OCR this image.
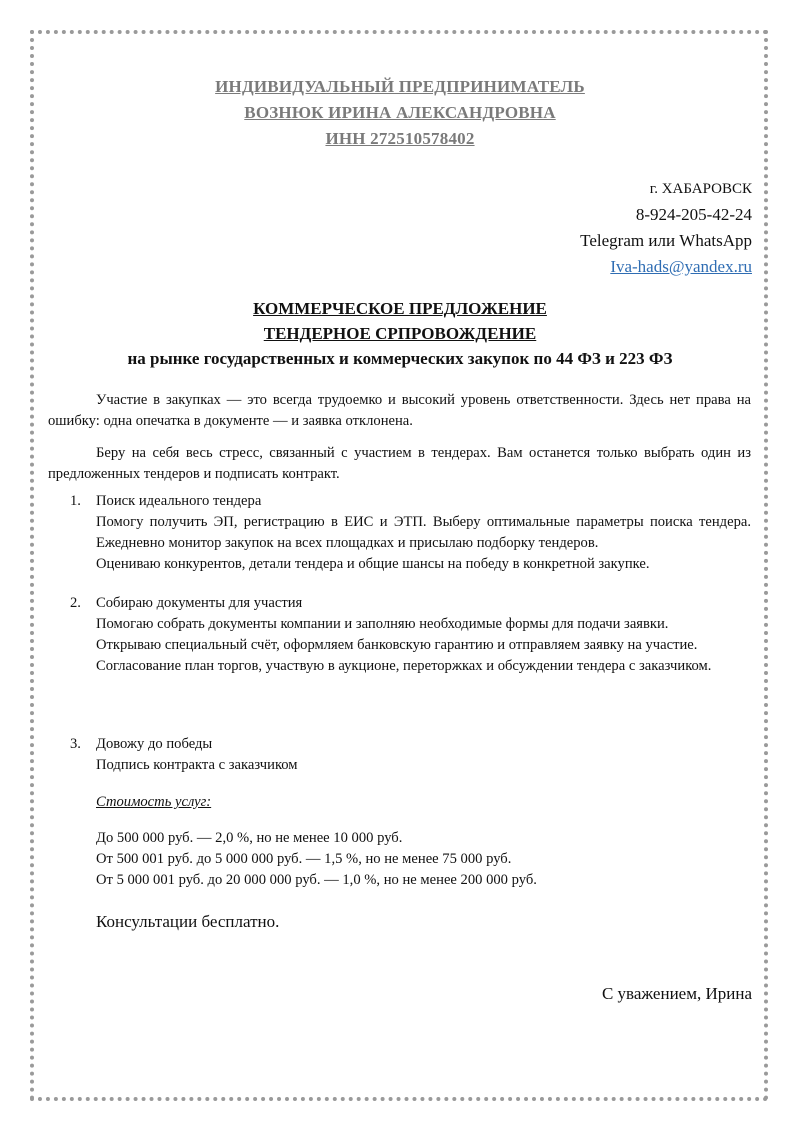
ИНДИВИДУАЛЬНЫЙ ПРЕДПРИНИМАТЕЛЬ
ВОЗНЮК ИРИНА АЛЕКСАНДРОВНА
ИНН 272510578402
г. ХАБАРОВСК
8-924-205-42-24
Telegram или WhatsApp
Iva-hads@yandex.ru
КОММЕРЧЕСКОЕ ПРЕДЛОЖЕНИЕ
ТЕНДЕРНОЕ СРПРОВОЖДЕНИЕ
на рынке государственных и коммерческих закупок по 44 ФЗ и 223 ФЗ

Участие в закупках — это всегда трудоемко и высокий уровень ответственности. Здесь нет права на ошибку: одна опечатка в документе — и заявка отклонена.

Беру на себя весь стресс, связанный с участием в тендерах. Вам останется только выбрать один из предложенных тендеров и подписать контракт.

1. Поиск идеального тендера
Помогу получить ЭП, регистрацию в ЕИС и ЭТП. Выберу оптимальные параметры поиска тендера. Ежедневно монитор закупок на всех площадках и присылаю подборку тендеров.
Оцениваю конкурентов, детали тендера и общие шансы на победу в конкретной закупке.
2. Собираю документы для участия
Помогаю собрать документы компании и заполняю необходимые формы для подачи заявки.
Открываю специальный счёт, оформляем банковскую гарантию и отправляем заявку на участие.
Согласование план торгов, участвую в аукционе, переторжках и обсуждении тендера с заказчиком.
3. Довожу до победы
Подпись контракта с заказчиком
Стоимость услуг:
До 500 000 руб. — 2,0 %, но не менее 10 000 руб.
От 500 001 руб. до 5 000 000 руб. — 1,5 %, но не менее 75 000 руб.
От 5 000 001 руб. до 20 000 000 руб. — 1,0 %, но не менее 200 000 руб.
Консультации бесплатно.
С уважением, Ирина
